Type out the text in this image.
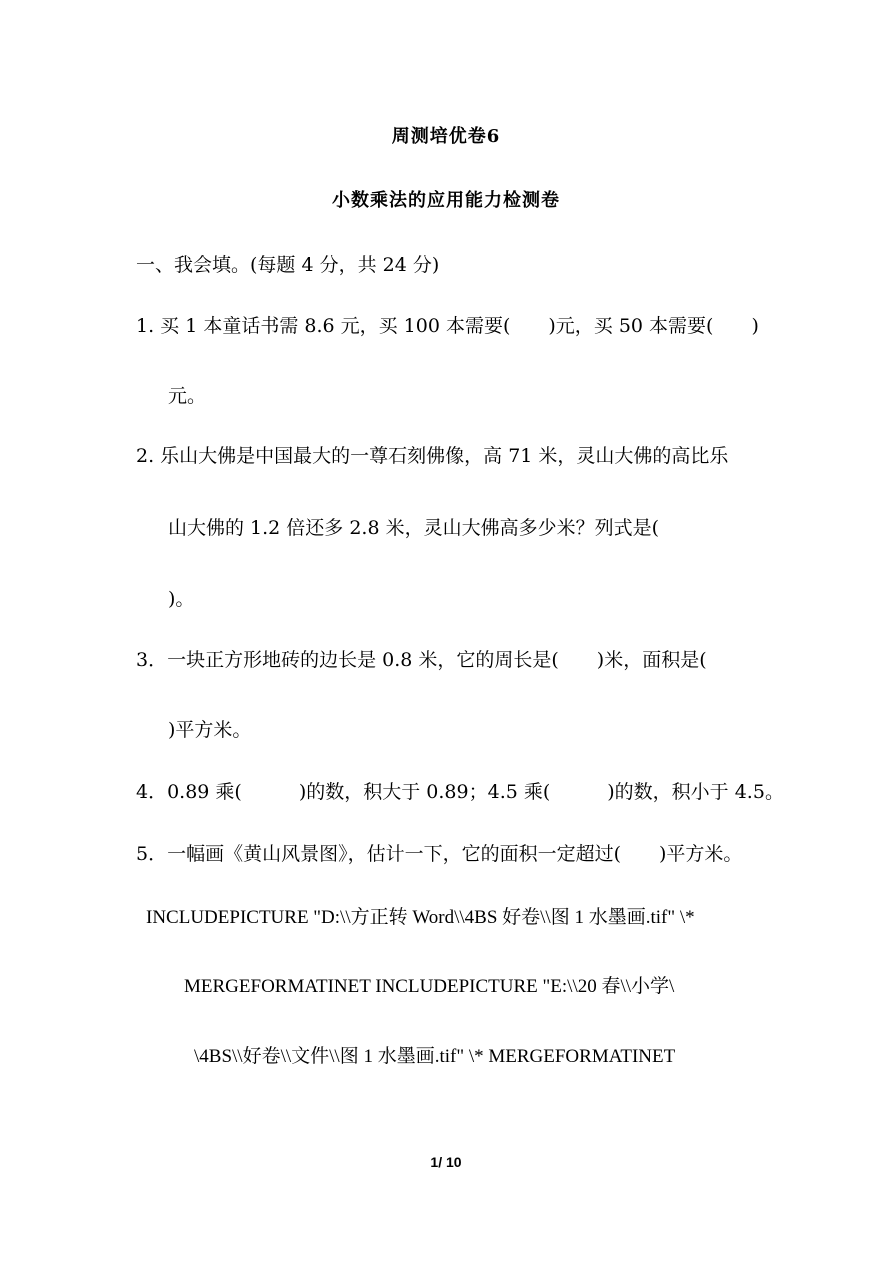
周测培优卷6
小数乘法的应用能力检测卷
一、我会填。(每题 4 分，共 24 分)
1. 买 1 本童话书需 8.6 元，买 100 本需要(　　)元，买 50 本需要(　　)
元。
2. 乐山大佛是中国最大的一尊石刻佛像，高 71 米，灵山大佛的高比乐
山大佛的 1.2 倍还多 2.8 米，灵山大佛高多少米？列式是(
)。
3．一块正方形地砖的边长是 0.8 米，它的周长是(　　)米，面积是(
)平方米。
4．0.89 乘(　　　)的数，积大于 0.89；4.5 乘(　　　)的数，积小于 4.5。
5．一幅画《黄山风景图》，估计一下，它的面积一定超过(　　)平方米。
INCLUDEPICTURE "D:\\方正转 Word\\4BS 好卷\\图 1 水墨画.tif" \*
MERGEFORMATINET INCLUDEPICTURE "E:\\20 春\\小学\
\4BS\\好卷\\文件\\图 1 水墨画.tif" \* MERGEFORMATINET
1/ 10
